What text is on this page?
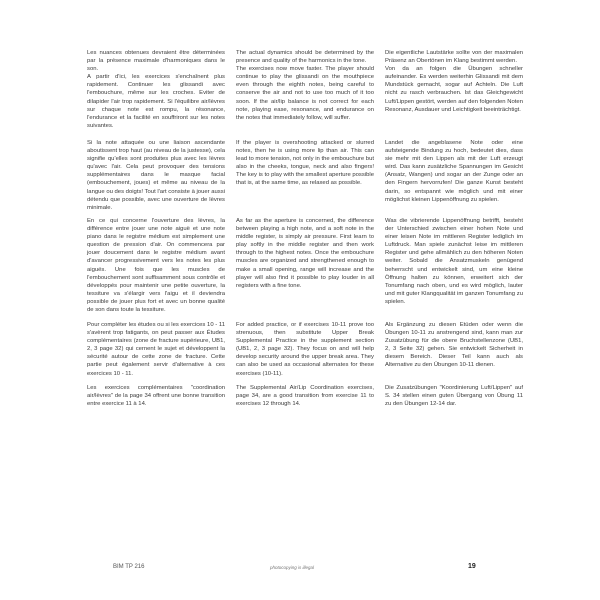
Les nuances obtenues devraient être déterminées par la présence maximale d'harmoniques dans le son.

A partir d'ici, les exercices s'enchaînent plus rapidement. Continuer les glissandi avec l'embouchure, même sur les croches. Eviter de dilapider l'air trop rapidement. Si l'équilibre air/lèvres sur chaque note est rompu, la résonance, l'endurance et la facilité en souffriront sur les notes suivantes.

Si la note attaquée ou une liaison ascendante aboutissent trop haut (au niveau de la justesse), cela signifie qu'elles sont produites plus avec les lèvres qu'avec l'air. Cela peut provoquer des tensions supplémentaires dans le masque facial (embouchement, joues) et même au niveau de la langue ou des doigts! Tout l'art consiste à jouer aussi détendu que possible, avec une ouverture de lèvres minimale.

En ce qui concerne l'ouverture des lèvres, la différence entre jouer une note aiguë et une note piano dans le registre médium est simplement une question de pression d'air. On commencera par jouer doucement dans le registre médium avant d'avancer progressivement vers les notes les plus aiguës. Une fois que les muscles de l'embouchement sont suffisamment sous contrôle et développés pour maintenir une petite ouverture, la tessiture va s'élargir vers l'aigu et il deviendra possible de jouer plus fort et avec un bonne qualité de son dans toute la tessiture.

Pour compléter les études ou si les exercices 10 - 11 s'avèrent trop fatigants, on peut passer aux Études complémentaires (zone de fracture supérieure, UB1, 2, 3 page 32) qui cernent le sujet et développent la sécurité autour de cette zone de fracture. Cette partie peut également servir d'alternative à ces exercices 10 - 11.

Les exercices complémentaires "coordination air/lèvres" de la page 34 offrent une bonne transition entre exercice 11 à 14.

The actual dynamics should be determined by the presence and quality of the harmonics in the tone.

The exercises now move faster. The player should continue to play the glissandi on the mouthpiece even through the eighth notes, being careful to conserve the air and not to use too much of it too soon. If the air/lip balance is not correct for each note, playing ease, resonance, and endurance on the notes that immediately follow, will suffer.

If the player is overshooting attacked or slurred notes, then he is using more lip than air. This can lead to more tension, not only in the embouchure but also in the cheeks, tongue, neck and also fingers! The key is to play with the smallest aperture possible that is, at the same time, as relaxed as possible.

As far as the aperture is concerned, the difference between playing a high note, and a soft note in the middle register, is simply air pressure. First learn to play softly in the middle register and then work through to the highest notes. Once the embouchure muscles are organized and strengthened enough to make a small opening, range will increase and the player will also find it possible to play louder in all registers with a fine tone.

For added practice, or if exercises 10-11 prove too strenuous, then substitute Upper Break Supplemental Practice in the supplement section (UB1, 2, 3 page 32). They focus on and will help develop security around the upper break area. They can also be used as occasional alternates for these exercises (10-11).

The Supplemental Air/Lip Coordination exercises, page 34, are a good transition from exercise 11 to exercises 12 through 14.

Die eigentliche Lautstärke sollte von der maximalen Präsenz an Obertönen im Klang bestimmt werden.

Von da an folgen die Übungen schneller aufeinander. Es werden weiterhin Glissandi mit dem Mundstück gemacht, sogar auf Achteln. Die Luft nicht zu rasch verbrauchen. Ist das Gleichgewicht Luft/Lippen gestört, werden auf den folgenden Noten Resonanz, Ausdauer und Leichtigkeit beeinträchtigt.

Landet die angeblasene Note oder eine aufsteigende Bindung zu hoch, bedeutet dies, dass sie mehr mit den Lippen als mit der Luft erzeugt wird. Das kann zusätzliche Spannungen im Gesicht (Ansatz, Wangen) und sogar an der Zunge oder an den Fingern hervorrufen! Die ganze Kunst besteht darin, so entspannt wie möglich und mit einer möglichst kleinen Lippenöffnung zu spielen.

Was die vibrierende Lippenöffnung betrifft, besteht der Unterschied zwischen einer hohen Note und einer leisen Note im mittleren Register lediglich im Luftdruck. Man spiele zunächst leise im mittleren Register und gehe allmählich zu den höheren Noten weiter. Sobald die Ansatzmuskeln genügend beherrscht und entwickelt sind, um eine kleine Öffnung halten zu können, erweitert sich der Tonumfang nach oben, und es wird möglich, lauter und mit guter Klangqualität im ganzen Tonumfang zu spielen.

Als Ergänzung zu diesen Etüden oder wenn die Übungen 10-11 zu anstrengend sind, kann man zur Zusatzübung für die obere Bruchstellenzone (UB1, 2, 3 Seite 32) gehen. Sie entwickelt Sicherheit in diesem Bereich. Dieser Teil kann auch als Alternative zu den Übungen 10-11 dienen.

Die Zusatzübungen "Koordinierung Luft/Lippen" auf S. 34 stellen einen guten Übergang von Übung 11 zu den Übungen 12-14 dar.

BIM TP 216	photocopying is illegal	19
